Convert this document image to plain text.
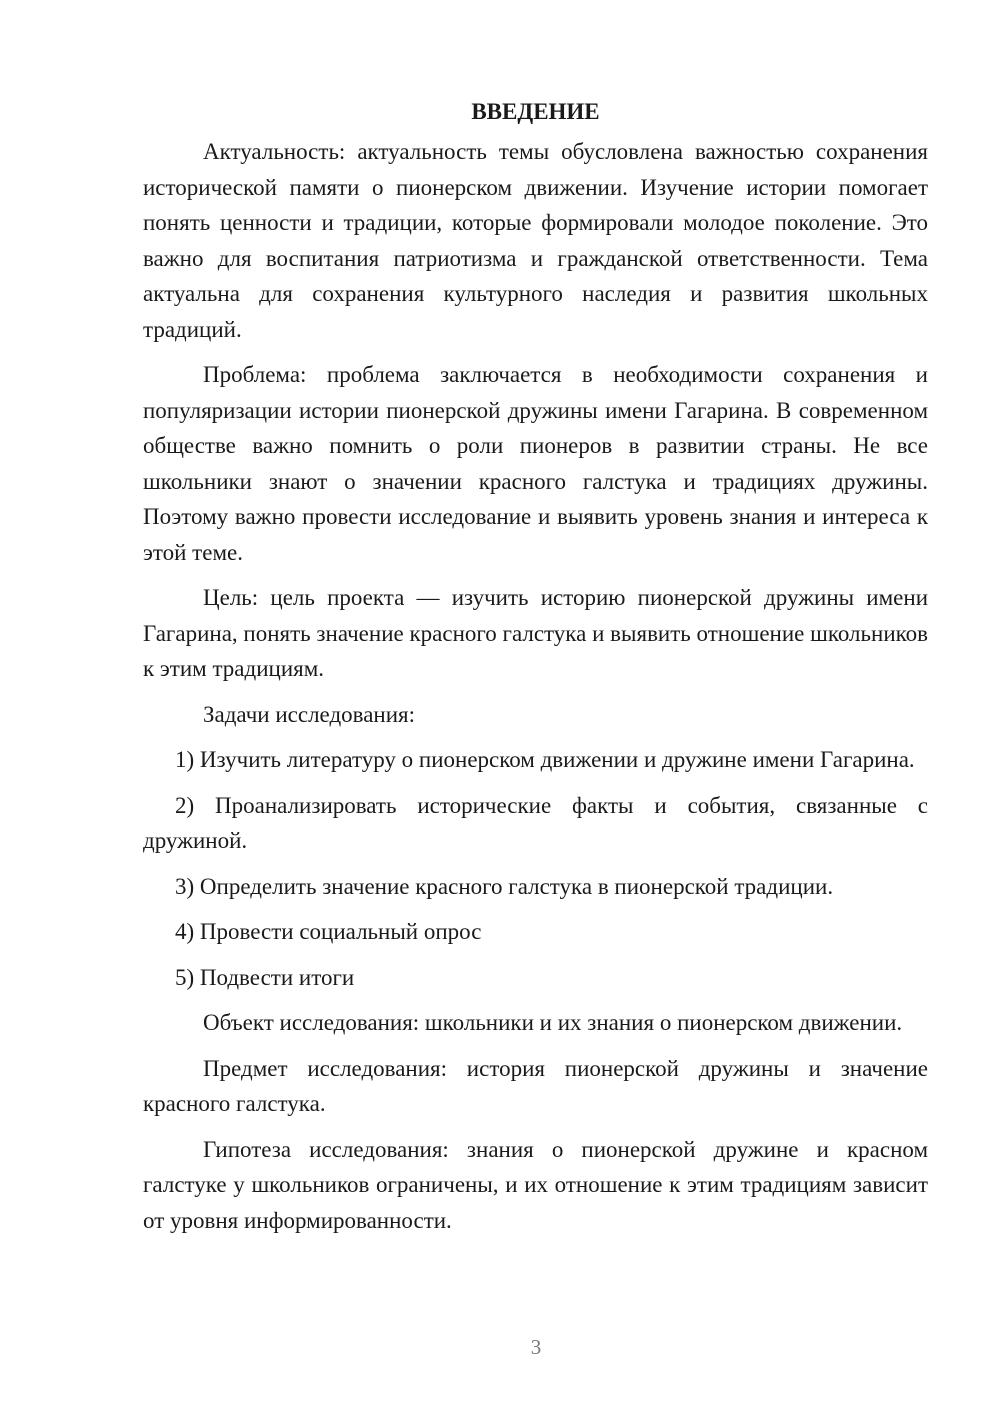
ВВЕДЕНИЕ

Актуальность: актуальность темы обусловлена важностью сохранения исторической памяти о пионерском движении. Изучение истории помогает понять ценности и традиции, которые формировали молодое поколение. Это важно для воспитания патриотизма и гражданской ответственности. Тема актуальна для сохранения культурного наследия и развития школьных традиций.

Проблема: проблема заключается в необходимости сохранения и популяризации истории пионерской дружины имени Гагарина. В современном обществе важно помнить о роли пионеров в развитии страны. Не все школьники знают о значении красного галстука и традициях дружины. Поэтому важно провести исследование и выявить уровень знания и интереса к этой теме.

Цель: цель проекта — изучить историю пионерской дружины имени Гагарина, понять значение красного галстука и выявить отношение школьников к этим традициям.

Задачи исследования:

1) Изучить литературу о пионерском движении и дружине имени Гагарина.

2) Проанализировать исторические факты и события, связанные с дружиной.

3) Определить значение красного галстука в пионерской традиции.

4) Провести социальный опрос

5) Подвести итоги

Объект исследования: школьники и их знания о пионерском движении.

Предмет исследования: история пионерской дружины и значение красного галстука.

Гипотеза исследования: знания о пионерской дружине и красном галстуке у школьников ограничены, и их отношение к этим традициям зависит от уровня информированности.

3
